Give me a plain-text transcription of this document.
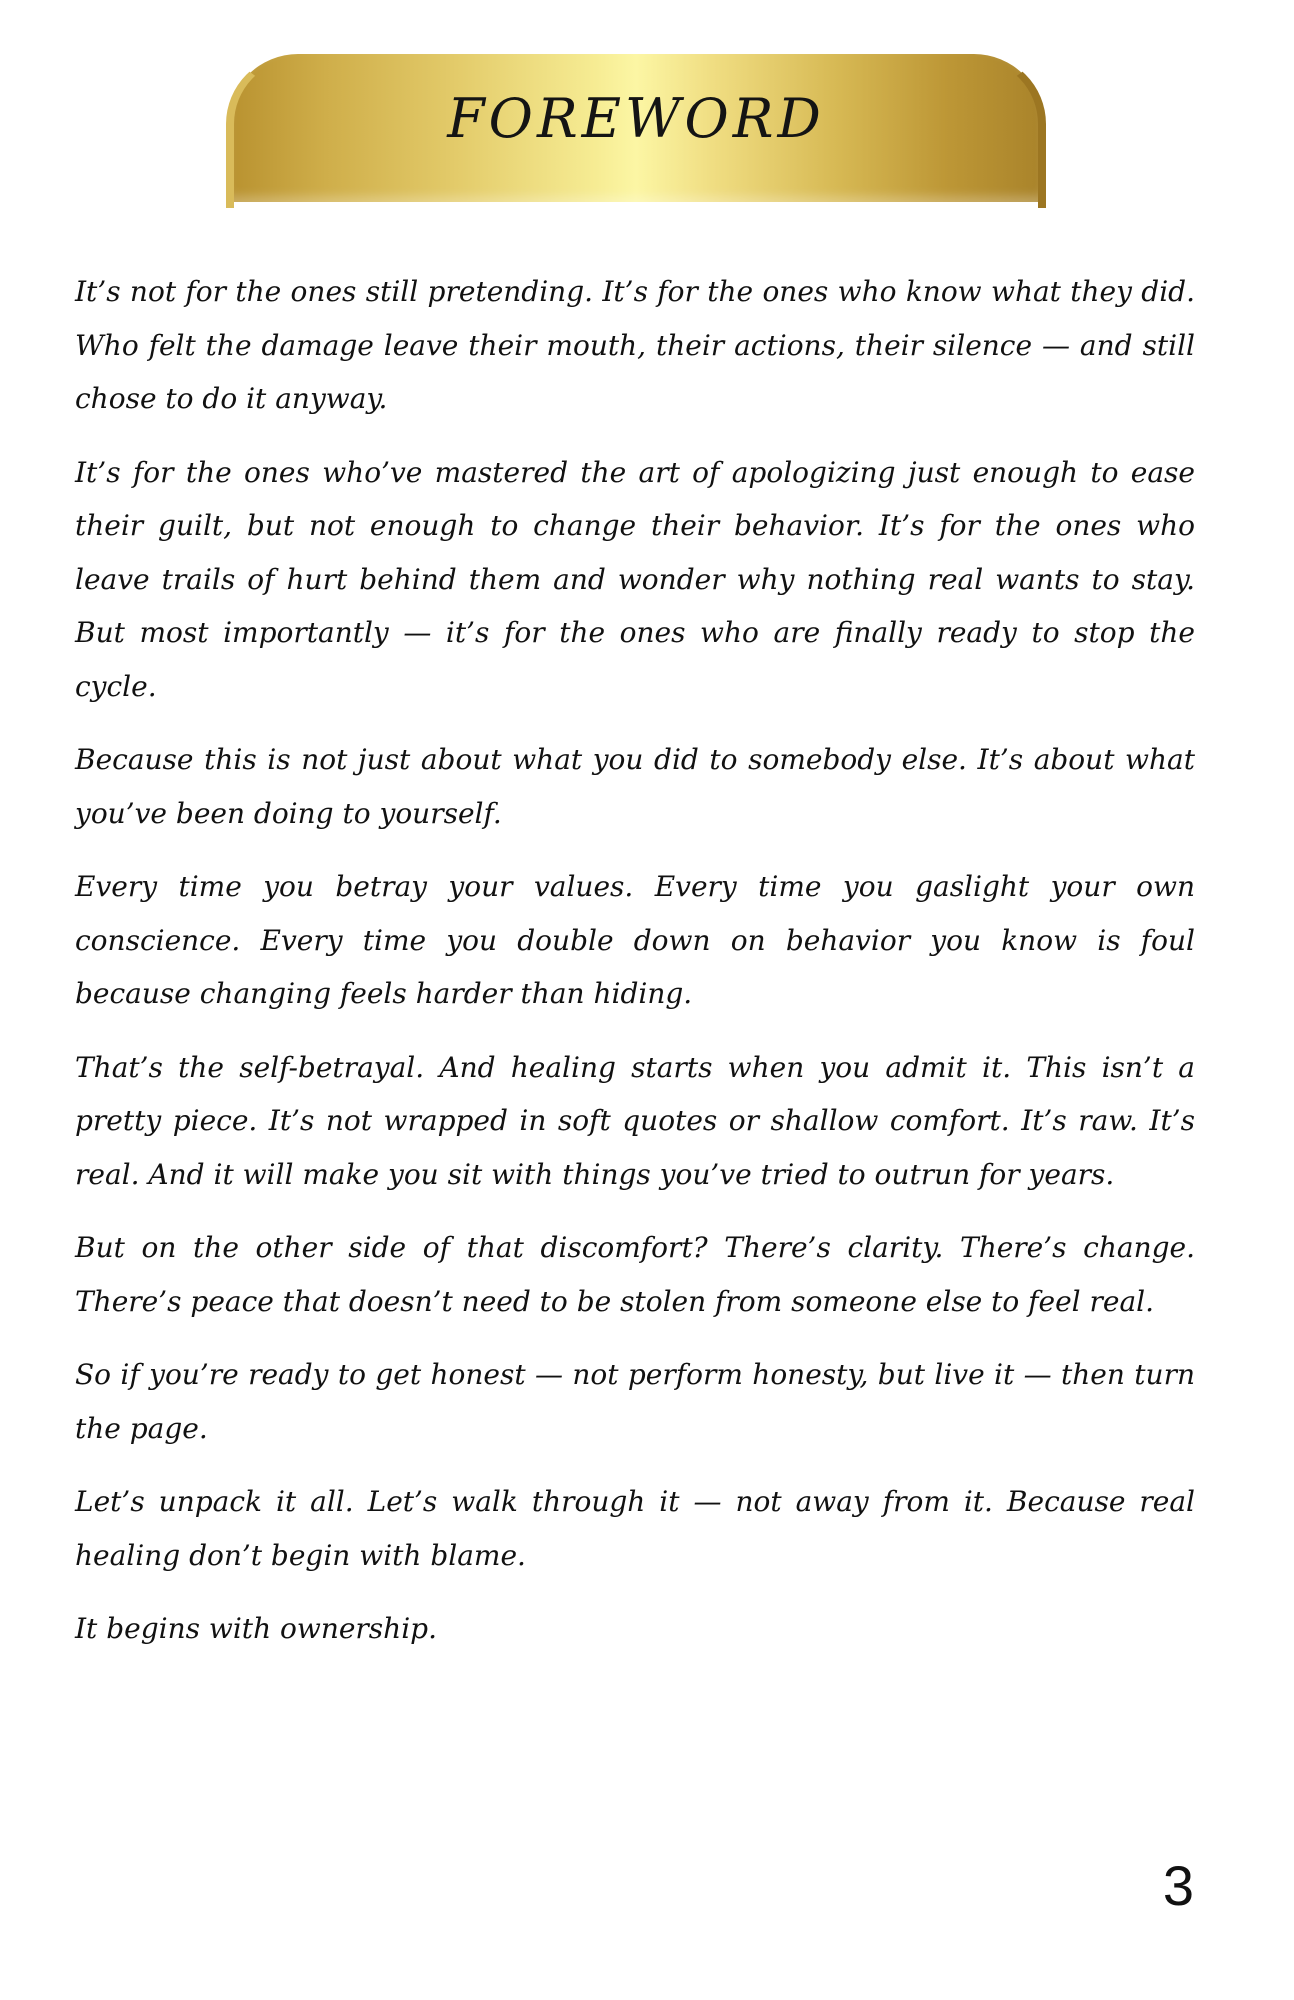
FOREWORD

It’s not for the ones still pretending. It’s for the ones who know what they did. Who felt the damage leave their mouth, their actions, their silence — and still chose to do it anyway.

It’s for the ones who’ve mastered the art of apologizing just enough to ease their guilt, but not enough to change their behavior. It’s for the ones who leave trails of hurt behind them and wonder why nothing real wants to stay. But most importantly — it’s for the ones who are finally ready to stop the cycle.

Because this is not just about what you did to somebody else. It’s about what you’ve been doing to yourself.

Every time you betray your values. Every time you gaslight your own conscience. Every time you double down on behavior you know is foul because changing feels harder than hiding.

That’s the self-betrayal. And healing starts when you admit it. This isn’t a pretty piece. It’s not wrapped in soft quotes or shallow comfort. It’s raw. It’s real. And it will make you sit with things you’ve tried to outrun for years.

But on the other side of that discomfort? There’s clarity. There’s change. There’s peace that doesn’t need to be stolen from someone else to feel real.

So if you’re ready to get honest — not perform honesty, but live it — then turn the page.

Let’s unpack it all. Let’s walk through it — not away from it. Because real healing don’t begin with blame.

It begins with ownership.

3
